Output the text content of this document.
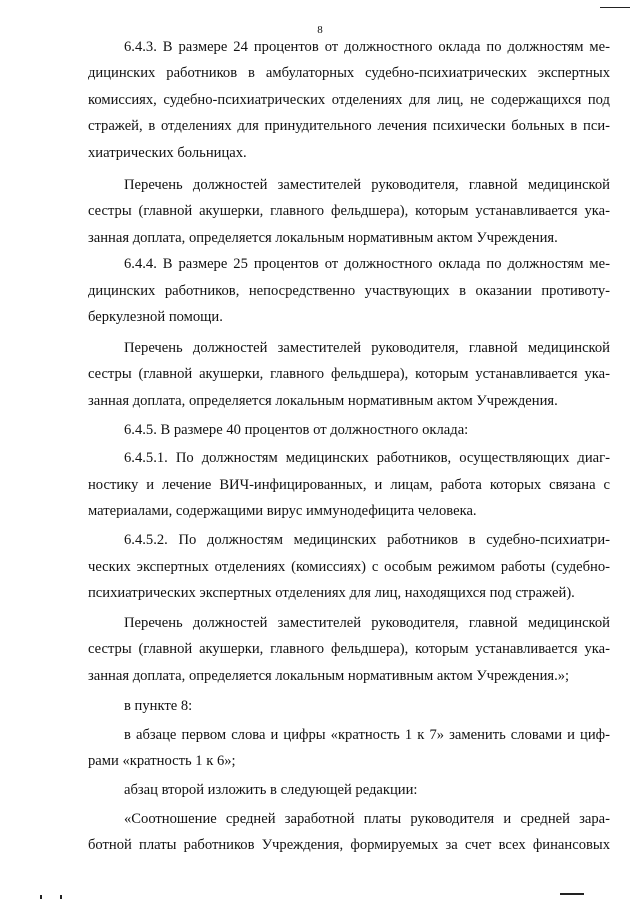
8
6.4.3. В размере 24 процентов от должностного оклада по должностям ме-
дицинских работников в амбулаторных судебно-психиатрических экспертных
комиссиях, судебно-психиатрических отделениях для лиц, не содержащихся под
стражей, в отделениях для принудительного лечения психически больных в пси-
хиатрических больницах.
Перечень должностей заместителей руководителя, главной медицинской
сестры (главной акушерки, главного фельдшера), которым устанавливается ука-
занная доплата, определяется локальным нормативным актом Учреждения.
6.4.4. В размере 25 процентов от должностного оклада по должностям ме-
дицинских работников, непосредственно участвующих в оказании противоту-
беркулезной помощи.
Перечень должностей заместителей руководителя, главной медицинской
сестры (главной акушерки, главного фельдшера), которым устанавливается ука-
занная доплата, определяется локальным нормативным актом Учреждения.
6.4.5. В размере 40 процентов от должностного оклада:
6.4.5.1. По должностям медицинских работников, осуществляющих диаг-
ностику и лечение ВИЧ-инфицированных, и лицам, работа которых связана с
материалами, содержащими вирус иммунодефицита человека.
6.4.5.2. По должностям медицинских работников в судебно-психиатри-
ческих экспертных отделениях (комиссиях) с особым режимом работы (судебно-
психиатрических экспертных отделениях для лиц, находящихся под стражей).
Перечень должностей заместителей руководителя, главной медицинской
сестры (главной акушерки, главного фельдшера), которым устанавливается ука-
занная доплата, определяется локальным нормативным актом Учреждения.»;
в пункте 8:
в абзаце первом слова и цифры «кратность 1 к 7» заменить словами и циф-
рами «кратность 1 к 6»;
абзац второй изложить в следующей редакции:
«Соотношение средней заработной платы руководителя и средней зара-
ботной платы работников Учреждения, формируемых за счет всех финансовых
